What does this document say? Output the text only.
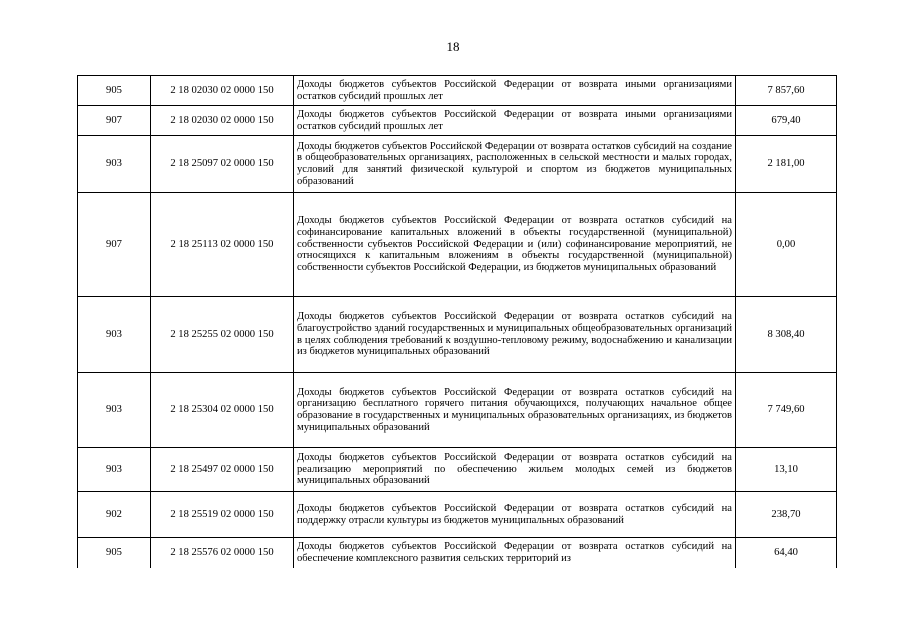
18
905	2 18 02030 02 0000 150	Доходы бюджетов субъектов Российской Федерации от возврата иными организациями остатков субсидий прошлых лет	7 857,60
907	2 18 02030 02 0000 150	Доходы бюджетов субъектов Российской Федерации от возврата иными организациями остатков субсидий прошлых лет	679,40
903	2 18 25097 02 0000 150	Доходы бюджетов субъектов Российской Федерации от возврата остатков субсидий на создание в общеобразовательных организациях, расположенных в сельской местности и малых городах, условий для занятий физической культурой и спортом из бюджетов муниципальных образований	2 181,00
907	2 18 25113 02 0000 150	Доходы бюджетов субъектов Российской Федерации от возврата остатков субсидий на софинансирование капитальных вложений в объекты государственной (муниципальной) собственности субъектов Российской Федерации и (или) софинансирование мероприятий, не относящихся к капитальным вложениям в объекты государственной (муниципальной) собственности субъектов Российской Федерации, из бюджетов муниципальных образований	0,00
903	2 18 25255 02 0000 150	Доходы бюджетов субъектов Российской Федерации от возврата остатков субсидий на благоустройство зданий государственных и муниципальных общеобразовательных организаций в целях соблюдения требований к воздушно-тепловому режиму, водоснабжению и канализации из бюджетов муниципальных образований	8 308,40
903	2 18 25304 02 0000 150	Доходы бюджетов субъектов Российской Федерации от возврата остатков субсидий на организацию бесплатного горячего питания обучающихся, получающих начальное общее образование в государственных и муниципальных образовательных организациях, из бюджетов муниципальных образований	7 749,60
903	2 18 25497 02 0000 150	Доходы бюджетов субъектов Российской Федерации от возврата остатков субсидий на реализацию мероприятий по обеспечению жильем молодых семей из бюджетов муниципальных образований	13,10
902	2 18 25519 02 0000 150	Доходы бюджетов субъектов Российской Федерации от возврата остатков субсидий на поддержку отрасли культуры из бюджетов муниципальных образований	238,70
905	2 18 25576 02 0000 150	Доходы бюджетов субъектов Российской Федерации от возврата остатков субсидий на обеспечение комплексного развития сельских территорий из	64,40
